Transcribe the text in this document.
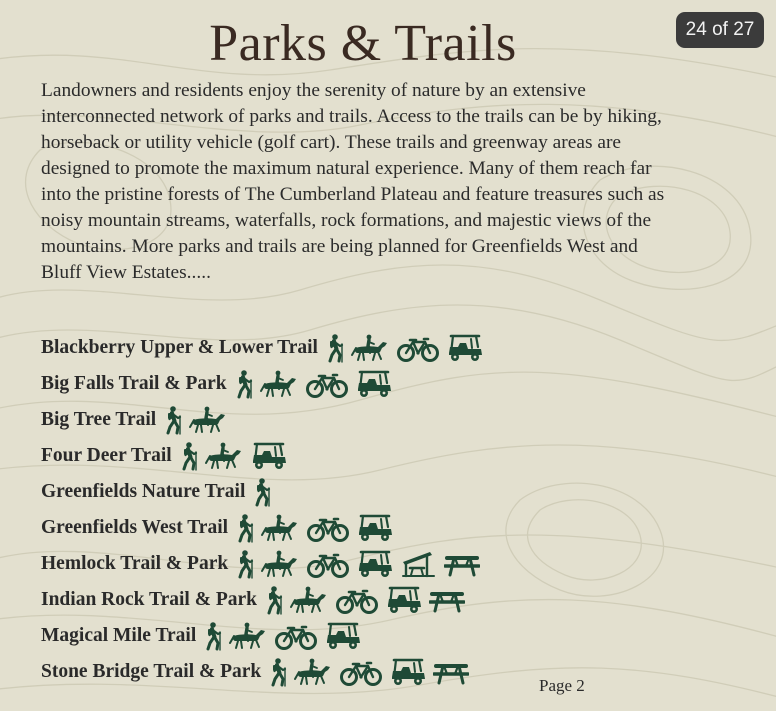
Parks & Trails	24 of 27

Landowners and residents enjoy the serenity of nature by an extensive
interconnected network of parks and trails. Access to the trails can be by hiking,
horseback or utility vehicle (golf cart). These trails and greenway areas are
designed to promote the maximum natural experience. Many of them reach far
into the pristine forests of The Cumberland Plateau and feature treasures such as
noisy mountain streams, waterfalls, rock formations, and majestic views of the
mountains. More parks and trails are being planned for Greenfields West and
Bluff View Estates.....

Blackberry Upper & Lower Trail
Big Falls Trail & Park
Big Tree Trail
Four Deer Trail
Greenfields Nature Trail
Greenfields West Trail
Hemlock Trail & Park
Indian Rock Trail & Park
Magical Mile Trail
Stone Bridge Trail & Park
Page 2
